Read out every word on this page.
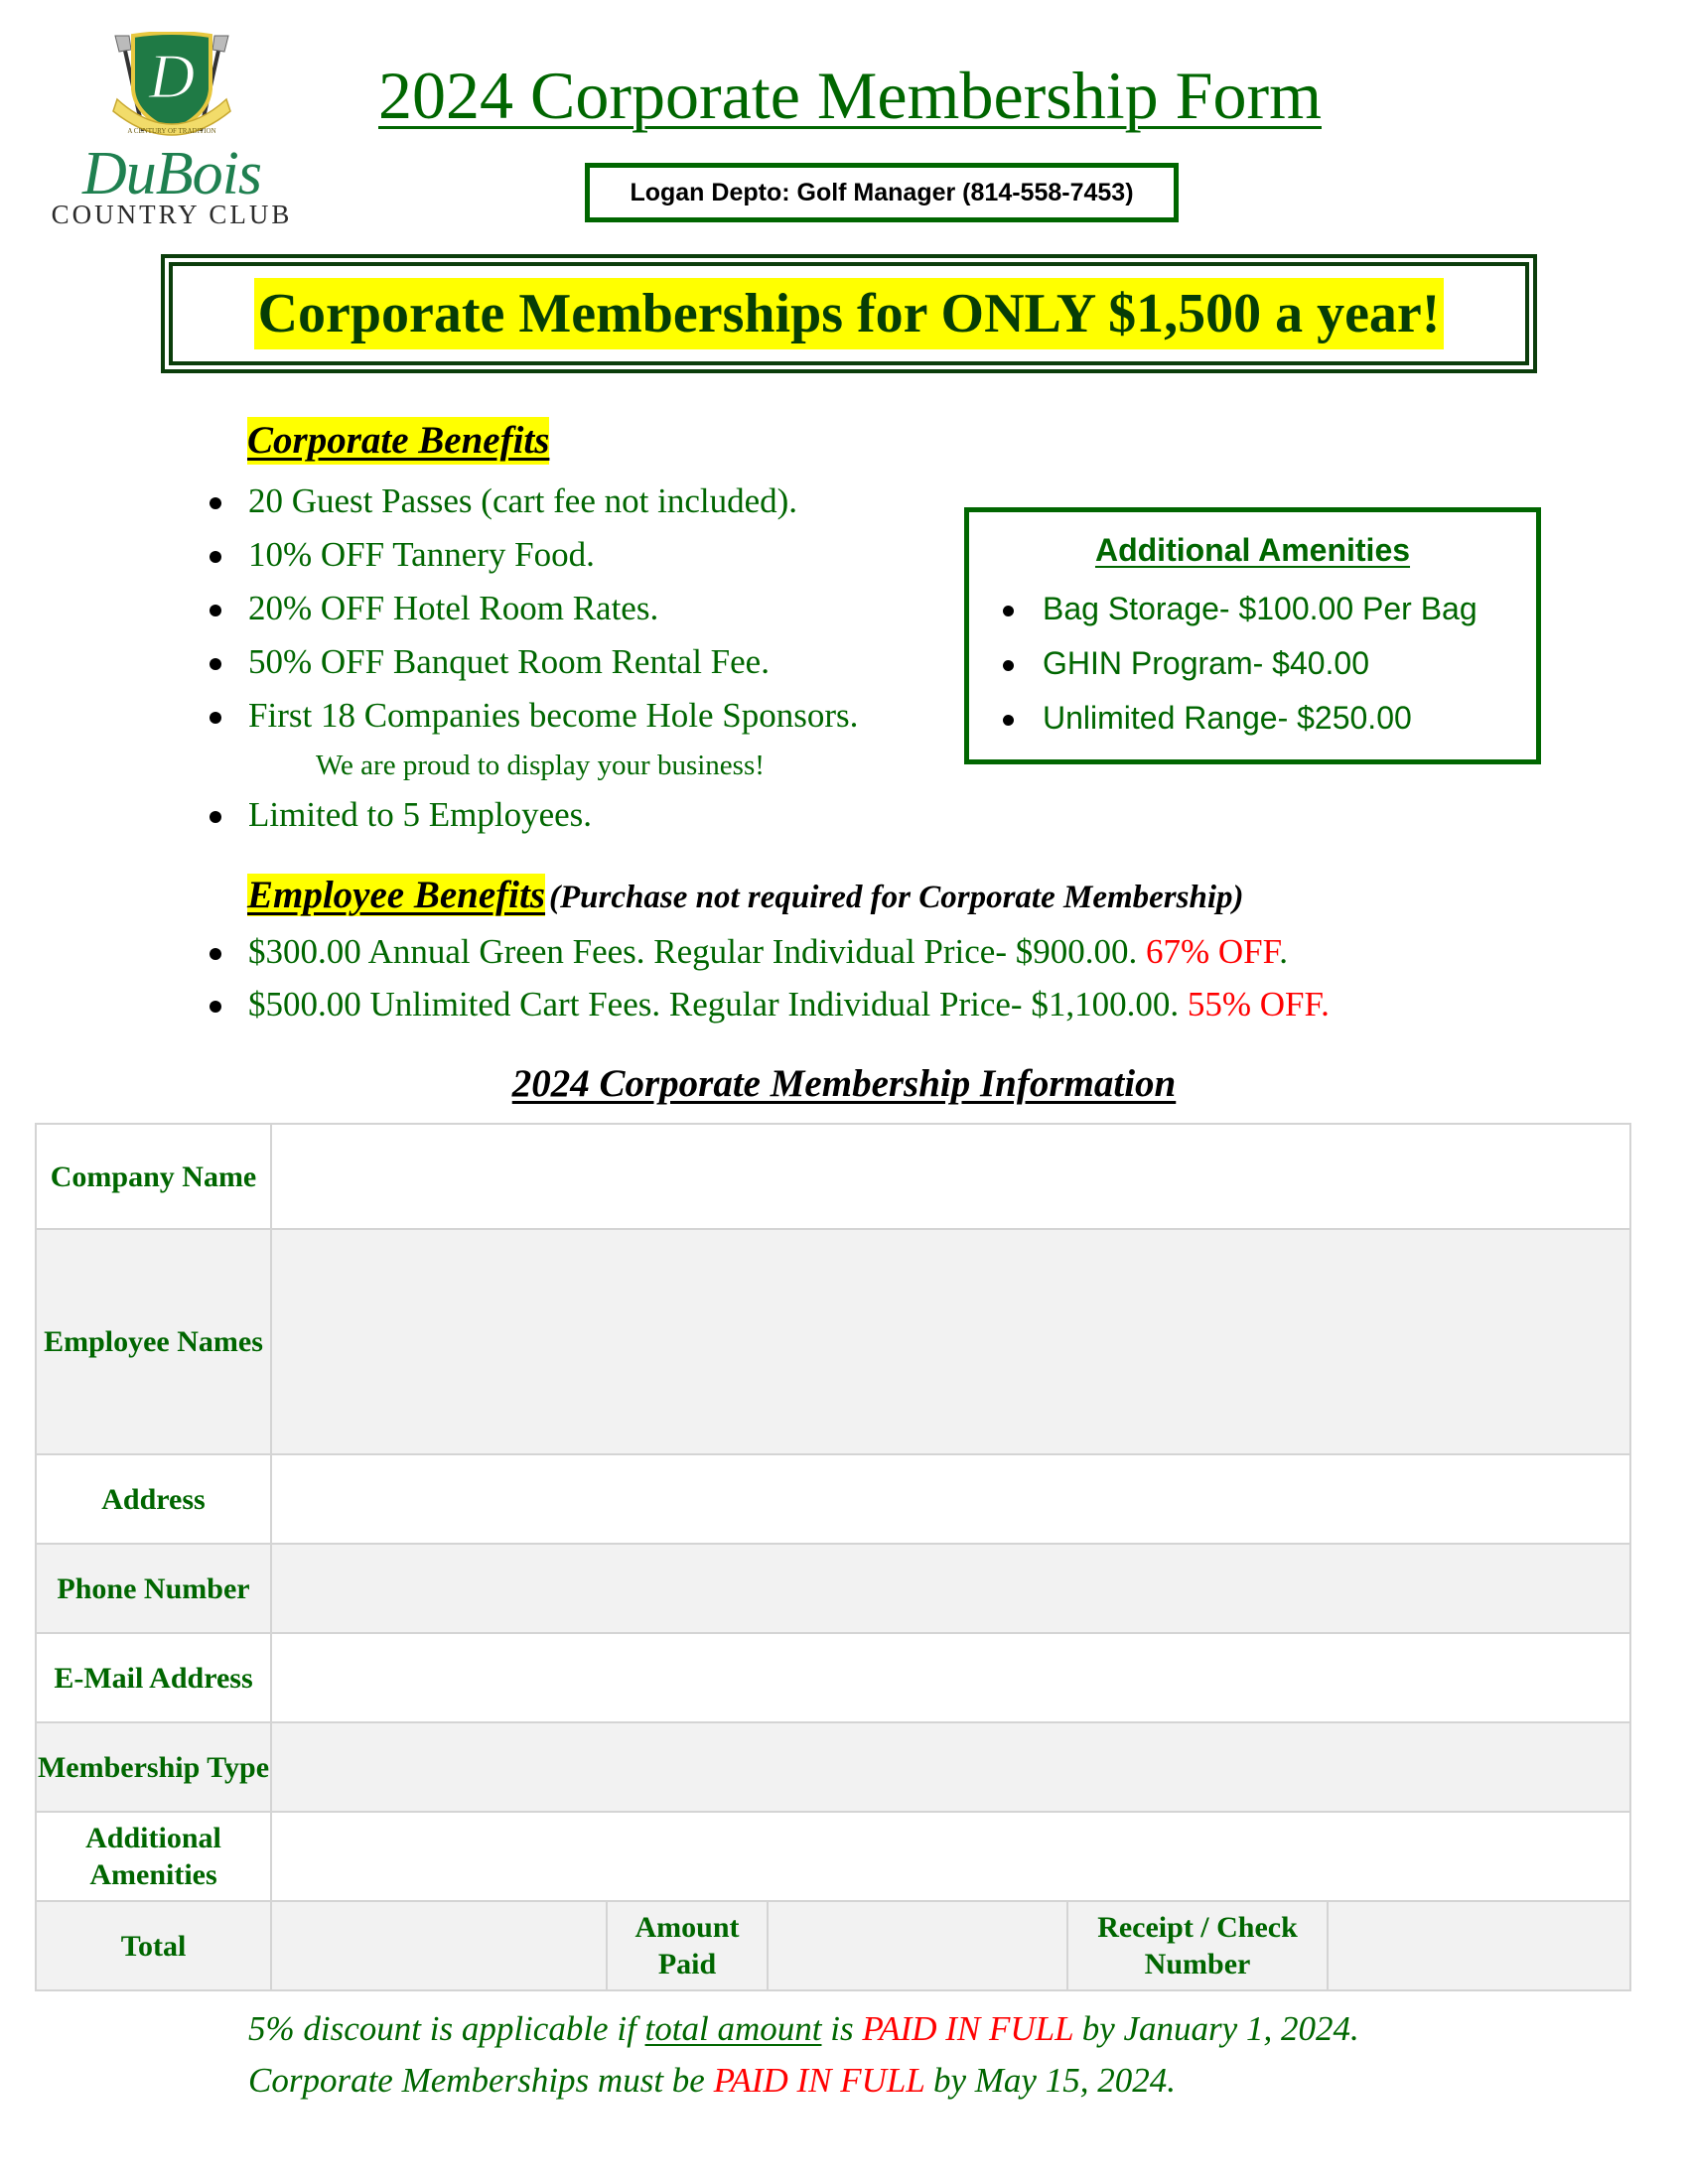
D
A CENTURY OF TRADITION
DuBois
COUNTRY CLUB
2024 Corporate Membership Form
Logan Depto: Golf Manager (814-558-7453)
Corporate Memberships for ONLY $1,500 a year!
Corporate Benefits
20 Guest Passes (cart fee not included).
10% OFF Tannery Food.
20% OFF Hotel Room Rates.
50% OFF Banquet Room Rental Fee.
First 18 Companies become Hole Sponsors.
We are proud to display your business!
Limited to 5 Employees.
Additional Amenities
Bag Storage- $100.00 Per Bag
GHIN Program- $40.00
Unlimited Range- $250.00
Employee Benefits (Purchase not required for Corporate Membership)
$300.00 Annual Green Fees. Regular Individual Price- $900.00. 67% OFF.
$500.00 Unlimited Cart Fees. Regular Individual Price- $1,100.00. 55% OFF.
2024 Corporate Membership Information
Company Name	
Employee Names	
Address	
Phone Number	
E-Mail Address	
Membership Type	
Additional Amenities	
Total		Amount Paid		Receipt / Check Number	
5% discount is applicable if total amount is PAID IN FULL by January 1, 2024.
Corporate Memberships must be PAID IN FULL by May 15, 2024.
